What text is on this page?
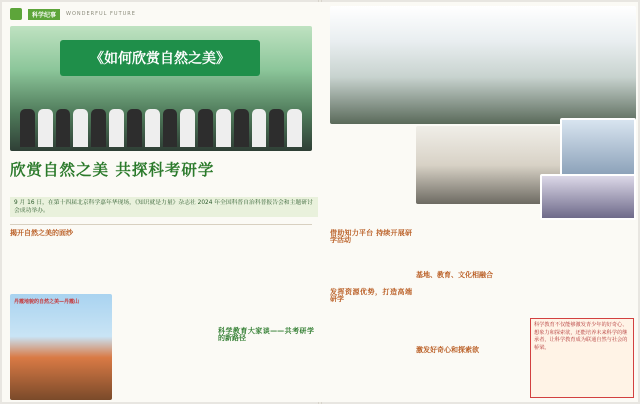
科学纪事	WONDERFUL FUTURE
《如何欣赏自然之美》
欣赏自然之美 共探科考研学
9 月 16 日，在第十四届北京科学嘉年华现场，《知识就是力量》杂志社 2024 年全国科普自治科普报告会和主题研讨会成功举办。
揭开自然之美的面纱
丹霞地貌的自然之美—丹霞山
科学教育大家谈——共考研学的新路径
借助知力平台 持续开展研学活动
发挥资源优势，打造高端研学
基地、教育、文化相融合
激发好奇心和探索欲
科学教育不仅能够激发青少年的好奇心、想象力和探索欲，还能培养未来科学的继承者，让科学教育成为联通自然与社会的桥梁。
